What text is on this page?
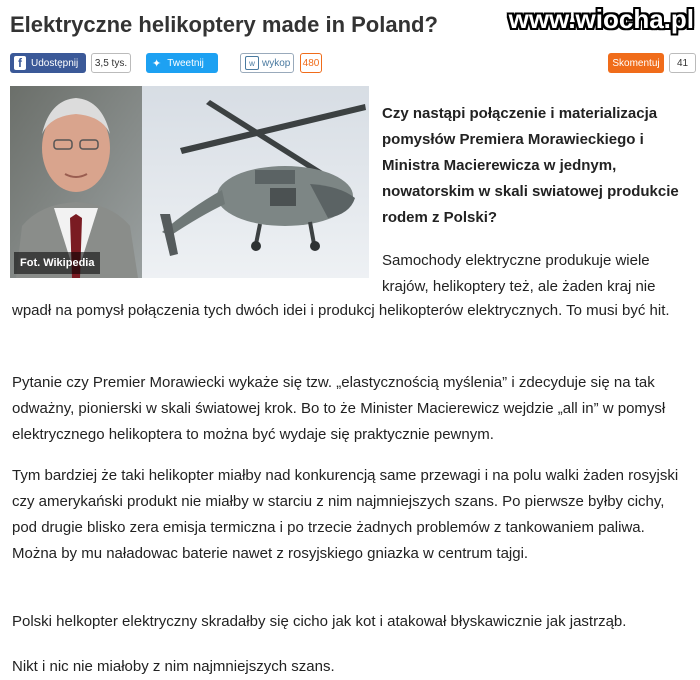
Elektryczne helikoptery made in Poland?	www.wiocha.pl
f Udostępnij	3,5 tys.	✦ Tweetnij	w wykop 480	Skomentuj	41
Fot. Wikipedia
Czy nastąpi połączenie i materializacja pomysłów Premiera Morawieckiego i Ministra Macierewicza w jednym, nowatorskim w skali swiatowej produkcie rodem z Polski?
Samochody elektryczne produkuje wiele krajów, helikoptery też, ale żaden kraj nie
wpadł na pomysł połączenia tych dwóch idei i produkcj helikopterów elektrycznych. To musi być hit.
Pytanie czy Premier Morawiecki wykaże się tzw. „elastycznością myślenia” i zdecyduje się na tak odważny, pionierski w skali światowej krok. Bo to że Minister Macierewicz wejdzie „all in” w pomysł elektrycznego helikoptera to można być wydaje się praktycznie pewnym.
Tym bardziej że taki helikopter miałby nad konkurencją same przewagi i na polu walki żaden rosyjski czy amerykański produkt nie miałby w starciu z nim najmniejszych szans. Po pierwsze byłby cichy, pod drugie blisko zera emisja termiczna i po trzecie żadnych problemów z tankowaniem paliwa. Można by mu naładowac baterie nawet z rosyjskiego gniazka w centrum tajgi.
Polski helkopter elektryczny skradałby się cicho jak kot i atakował błyskawicznie jak jastrząb.
Nikt i nic nie miałoby z nim najmniejszych szans.
